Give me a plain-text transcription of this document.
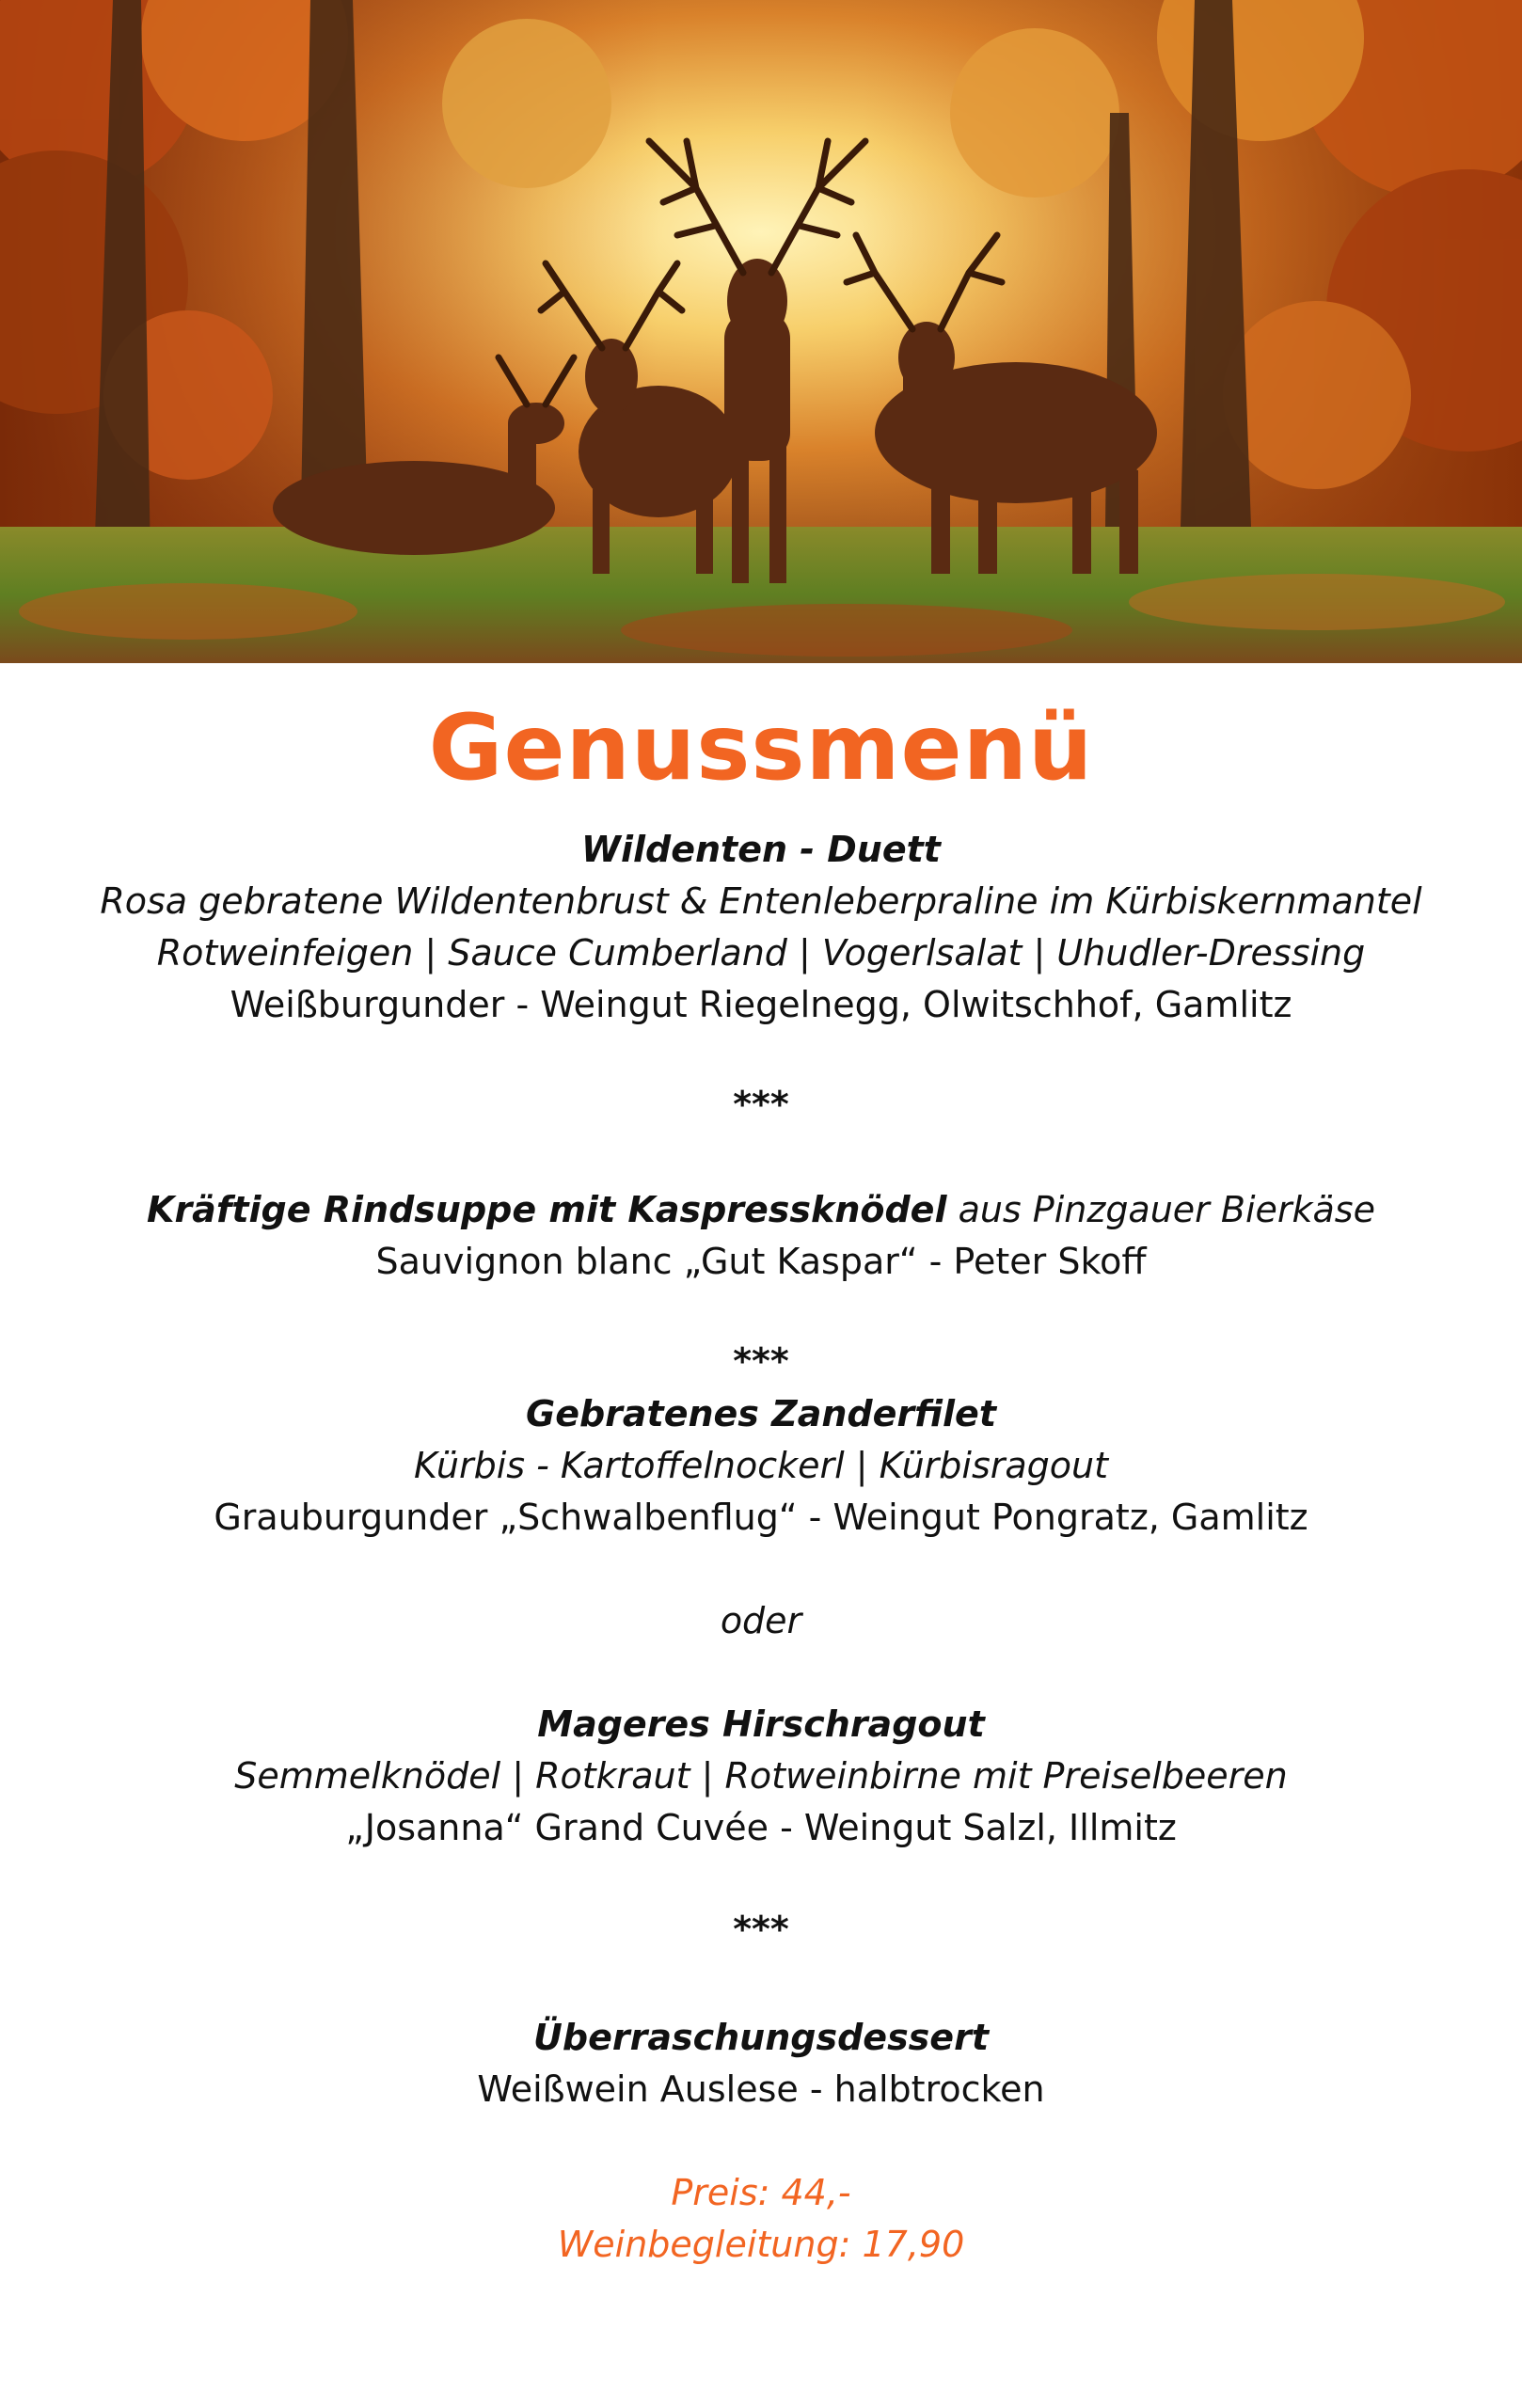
Genussmenü
Wildenten - Duett
Rosa gebratene Wildentenbrust & Entenleberpraline im Kürbiskernmantel
Rotweinfeigen | Sauce Cumberland | Vogerlsalat | Uhudler-Dressing
Weißburgunder - Weingut Riegelnegg, Olwitschhof, Gamlitz
***
Kräftige Rindsuppe mit Kaspressknödel aus Pinzgauer Bierkäse
Sauvignon blanc „Gut Kaspar“ - Peter Skoff
***
Gebratenes Zanderfilet
Kürbis - Kartoffelnockerl | Kürbisragout
Grauburgunder „Schwalbenflug“ - Weingut Pongratz, Gamlitz
oder
Mageres Hirschragout
Semmelknödel | Rotkraut | Rotweinbirne mit Preiselbeeren
„Josanna“ Grand Cuvée - Weingut Salzl, Illmitz
***
Überraschungsdessert
Weißwein Auslese - halbtrocken
Preis: 44,-
Weinbegleitung: 17,90
